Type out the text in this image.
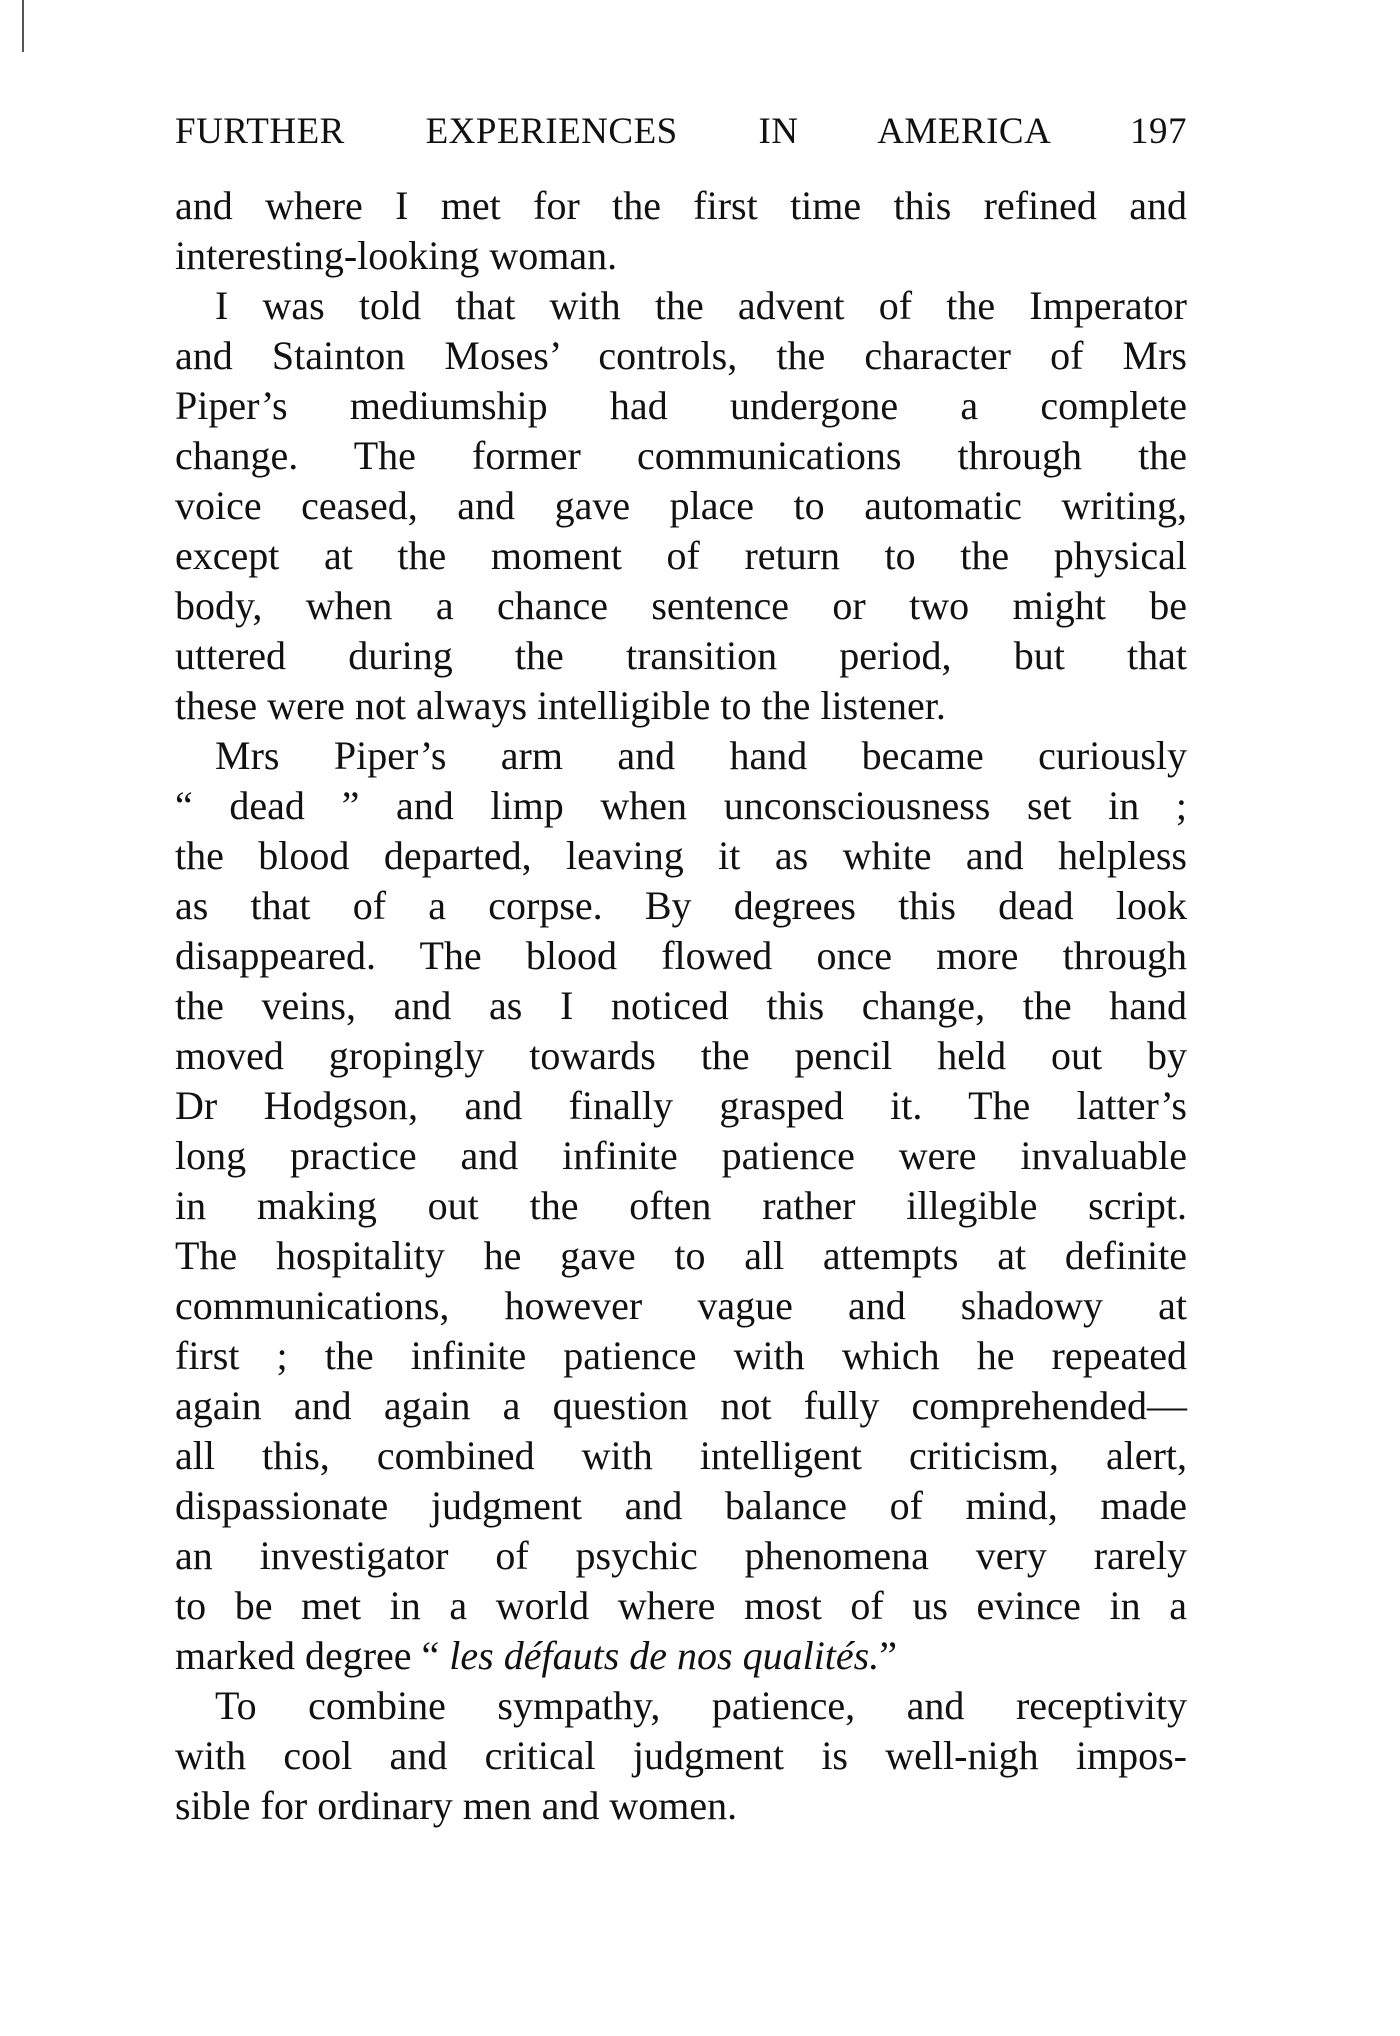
FURTHER EXPERIENCES IN AMERICA 197
and where I met for the first time this refined and
interesting-looking woman.
I was told that with the advent of the Imperator
and Stainton Moses’ controls, the character of Mrs
Piper’s mediumship had undergone a complete
change. The former communications through the
voice ceased, and gave place to automatic writing,
except at the moment of return to the physical
body, when a chance sentence or two might be
uttered during the transition period, but that
these were not always intelligible to the listener.
Mrs Piper’s arm and hand became curiously
“ dead ” and limp when unconsciousness set in ;
the blood departed, leaving it as white and helpless
as that of a corpse. By degrees this dead look
disappeared. The blood flowed once more through
the veins, and as I noticed this change, the hand
moved gropingly towards the pencil held out by
Dr Hodgson, and finally grasped it. The latter’s
long practice and infinite patience were invaluable
in making out the often rather illegible script.
The hospitality he gave to all attempts at definite
communications, however vague and shadowy at
first ; the infinite patience with which he repeated
again and again a question not fully comprehended—
all this, combined with intelligent criticism, alert,
dispassionate judgment and balance of mind, made
an investigator of psychic phenomena very rarely
to be met in a world where most of us evince in a
marked degree “ les défauts de nos qualités.”
To combine sympathy, patience, and receptivity
with cool and critical judgment is well-nigh impos-
sible for ordinary men and women.
